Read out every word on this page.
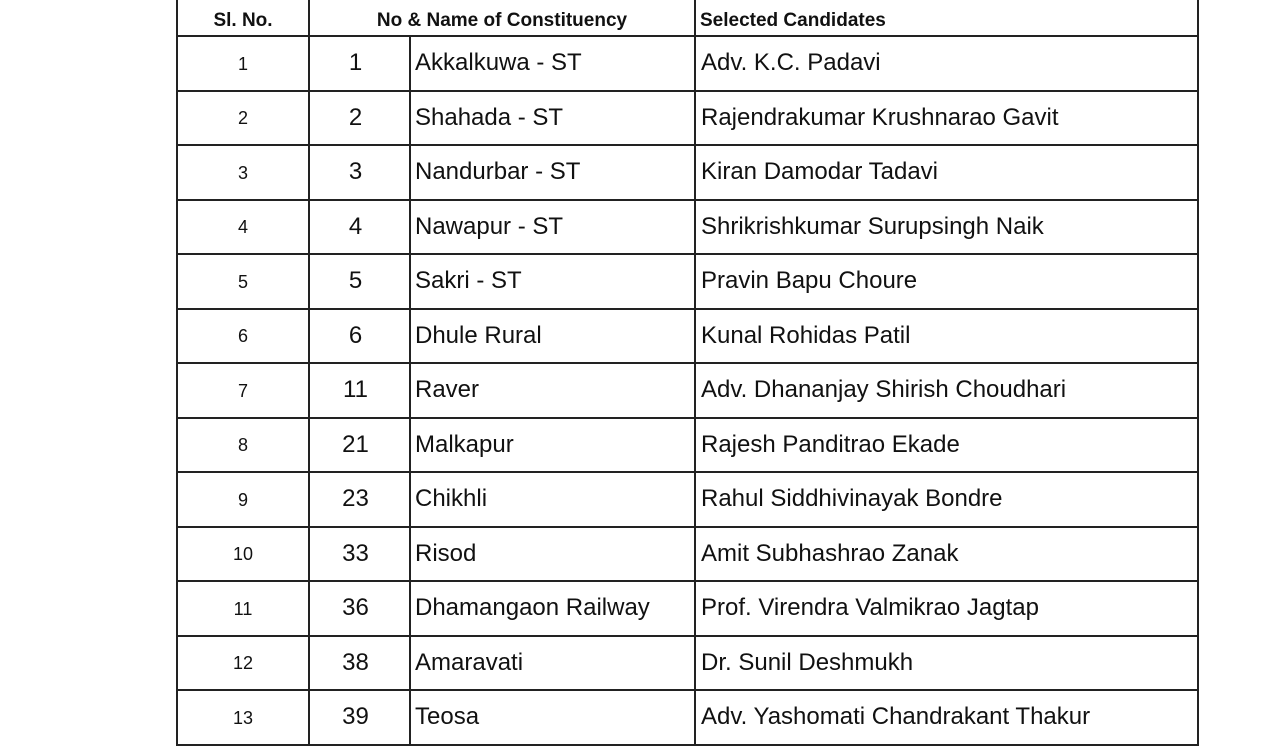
Sl. No.	No & Name of Constituency		Selected Candidates
1	1	Akkalkuwa - ST	Adv. K.C. Padavi
2	2	Shahada - ST	Rajendrakumar Krushnarao Gavit
3	3	Nandurbar - ST	Kiran Damodar Tadavi
4	4	Nawapur - ST	Shrikrishkumar Surupsingh Naik
5	5	Sakri - ST	Pravin Bapu Choure
6	6	Dhule Rural	Kunal Rohidas Patil
7	11	Raver	Adv. Dhananjay Shirish Choudhari
8	21	Malkapur	Rajesh Panditrao Ekade
9	23	Chikhli	Rahul Siddhivinayak Bondre
10	33	Risod	Amit Subhashrao Zanak
11	36	Dhamangaon Railway	Prof. Virendra Valmikrao Jagtap
12	38	Amaravati	Dr. Sunil Deshmukh
13	39	Teosa	Adv. Yashomati Chandrakant Thakur
